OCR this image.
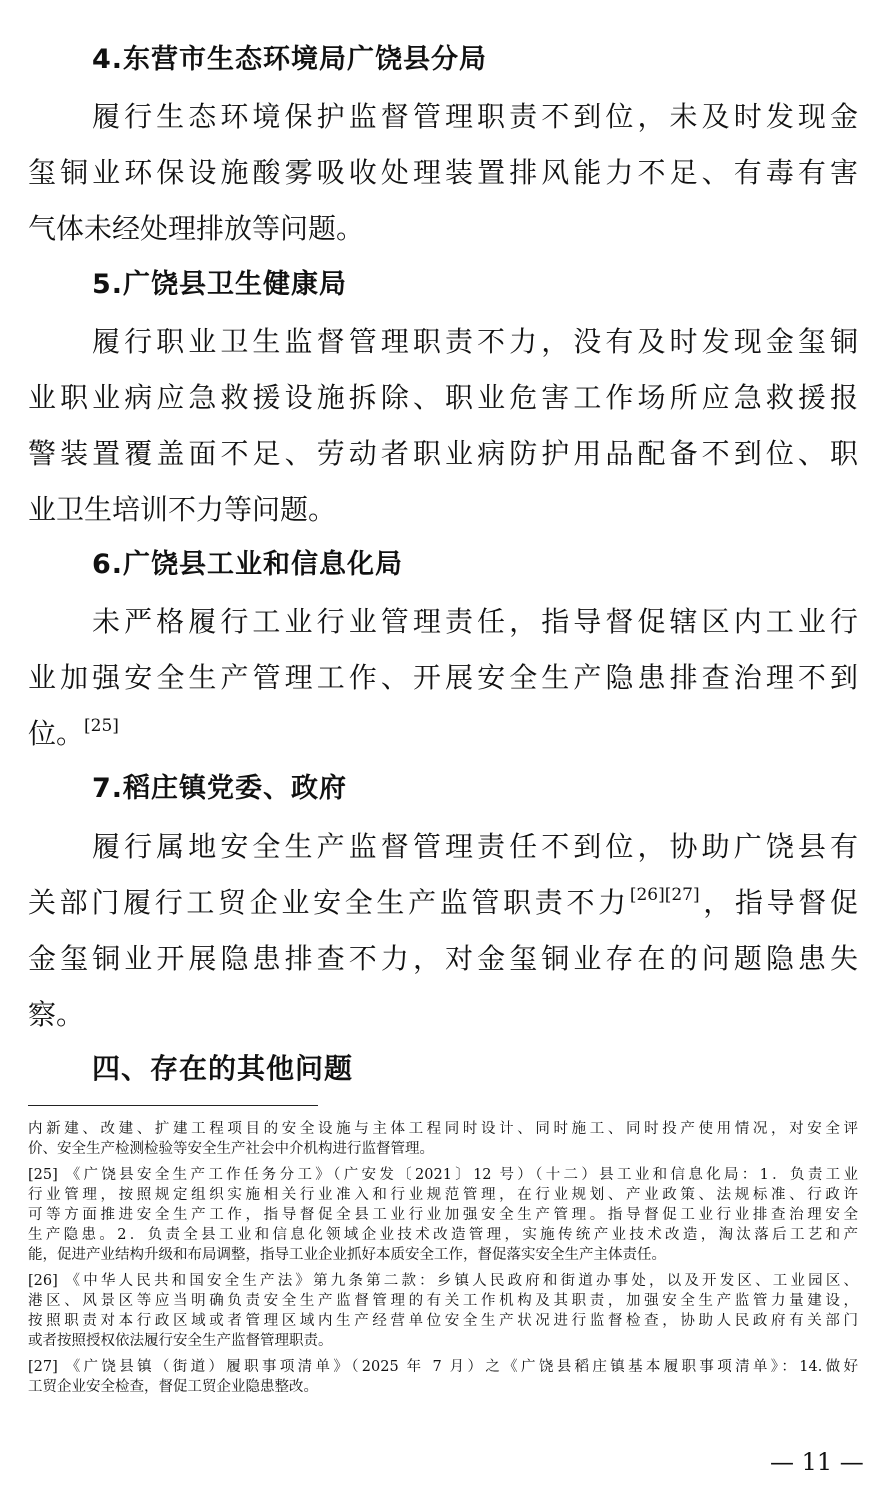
4.东营市生态环境局广饶县分局

履行生态环境保护监督管理职责不到位，未及时发现金

玺铜业环保设施酸雾吸收处理装置排风能力不足、有毒有害

气体未经处理排放等问题。

5.广饶县卫生健康局

履行职业卫生监督管理职责不力，没有及时发现金玺铜

业职业病应急救援设施拆除、职业危害工作场所应急救援报

警装置覆盖面不足、劳动者职业病防护用品配备不到位、职

业卫生培训不力等问题。

6.广饶县工业和信息化局

未严格履行工业行业管理责任，指导督促辖区内工业行

业加强安全生产管理工作、开展安全生产隐患排查治理不到

位。[25]

7.稻庄镇党委、政府

履行属地安全生产监督管理责任不到位，协助广饶县有

关部门履行工贸企业安全生产监管职责不力[26][27]，指导督促

金玺铜业开展隐患排查不力，对金玺铜业存在的问题隐患失

察。

四、存在的其他问题

内新建、改建、扩建工程项目的安全设施与主体工程同时设计、同时施工、同时投产使用情况，对安全评

价、安全生产检测检验等安全生产社会中介机构进行监督管理。

[25] 《广饶县安全生产工作任务分工》（广安发〔2021〕12 号）（十二）县工业和信息化局：1．负责工业

行业管理，按照规定组织实施相关行业准入和行业规范管理，在行业规划、产业政策、法规标准、行政许

可等方面推进安全生产工作，指导督促全县工业行业加强安全生产管理。指导督促工业行业排查治理安全

生产隐患。2．负责全县工业和信息化领域企业技术改造管理，实施传统产业技术改造，淘汰落后工艺和产

能，促进产业结构升级和布局调整，指导工业企业抓好本质安全工作，督促落实安全生产主体责任。

[26] 《中华人民共和国安全生产法》第九条第二款：乡镇人民政府和街道办事处，以及开发区、工业园区、

港区、风景区等应当明确负责安全生产监督管理的有关工作机构及其职责，加强安全生产监管力量建设，

按照职责对本行政区域或者管理区域内生产经营单位安全生产状况进行监督检查，协助人民政府有关部门

或者按照授权依法履行安全生产监督管理职责。

[27] 《广饶县镇（街道）履职事项清单》（2025 年 7 月）之《广饶县稻庄镇基本履职事项清单》：14.做好

工贸企业安全检查，督促工贸企业隐患整改。

— 11 —
